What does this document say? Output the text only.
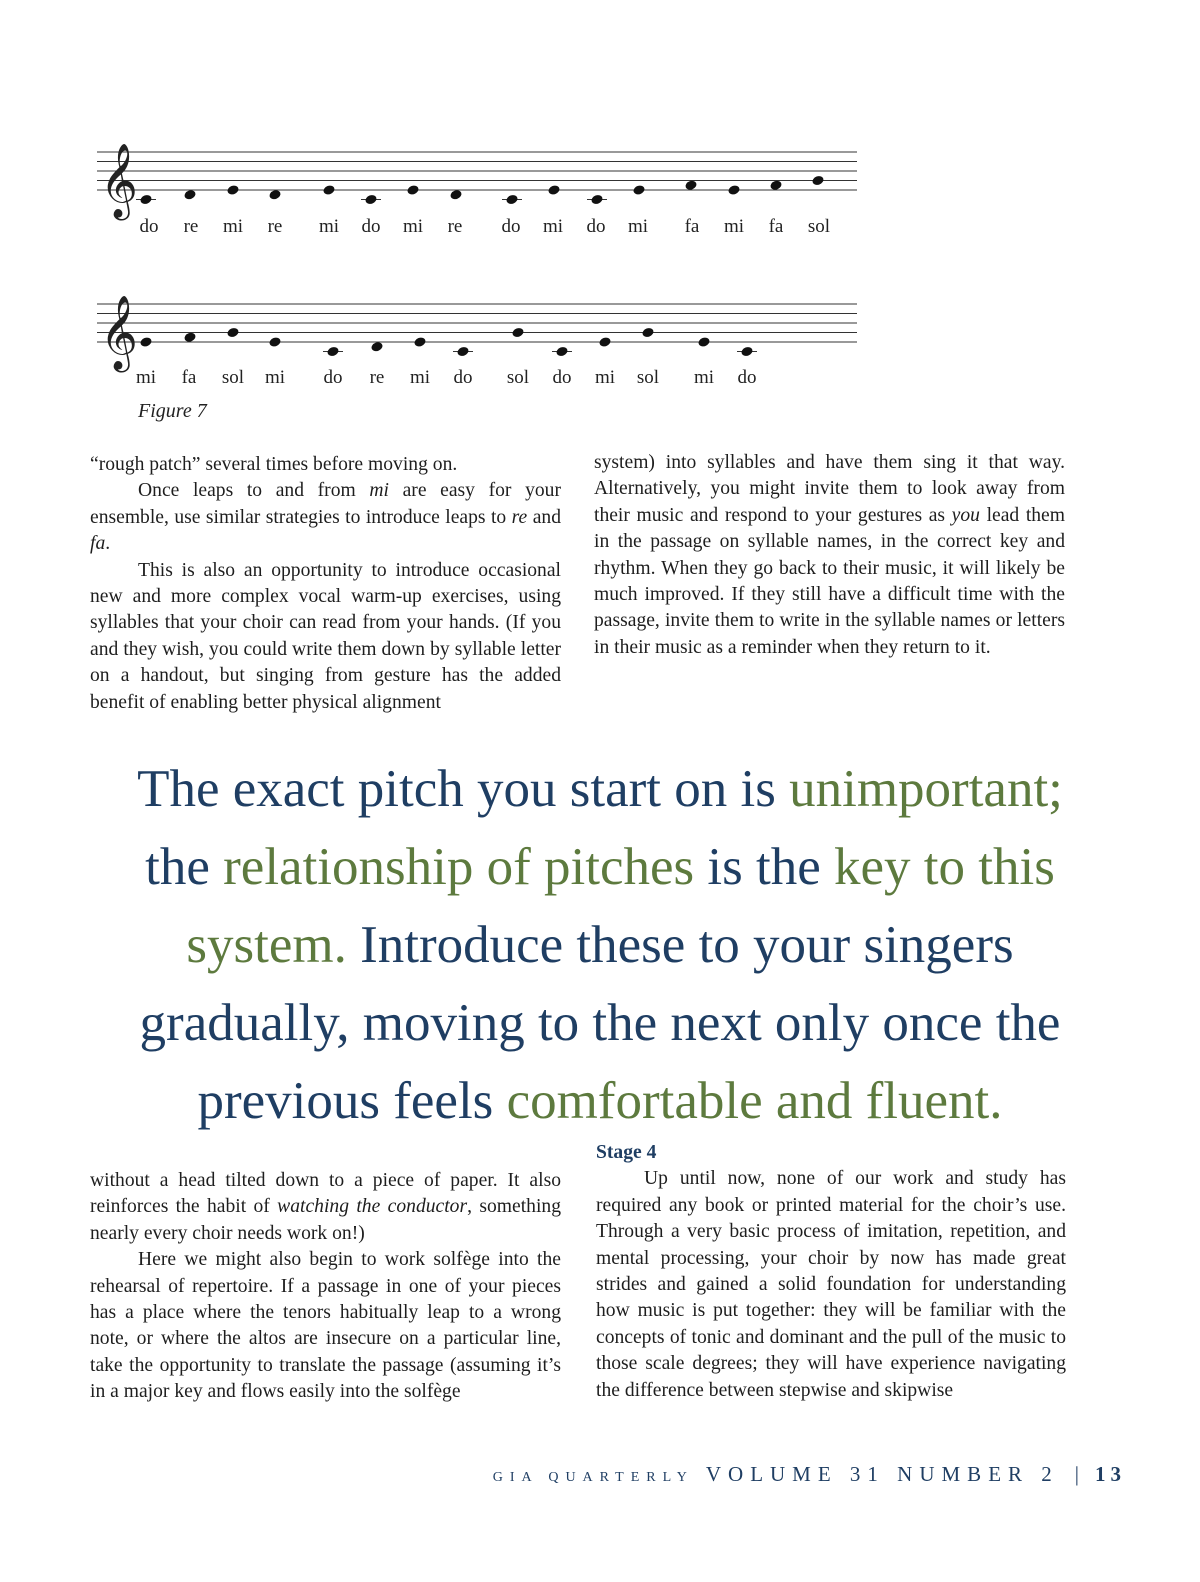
𝄞
do re mi re mi do mi re do mi do mi fa mi fa sol
𝄞
mi fa sol mi do re mi do sol do mi sol mi do
Figure 7

“rough patch” several times before moving on.

Once leaps to and from mi are easy for your ensemble, use similar strategies to introduce leaps to re and fa.

This is also an opportunity to introduce occasional new and more complex vocal warm-up exercises, using syllables that your choir can read from your hands. (If you and they wish, you could write them down by syllable letter on a handout, but singing from gesture has the added benefit of enabling better physical alignment

system) into syllables and have them sing it that way. Alternatively, you might invite them to look away from their music and respond to your gestures as you lead them in the passage on syllable names, in the correct key and rhythm. When they go back to their music, it will likely be much improved. If they still have a difficult time with the passage, invite them to write in the syllable names or letters in their music as a reminder when they return to it.

The exact pitch you start on is unimportant;
the relationship of pitches is the key to this system. Introduce these to your singers gradually, moving to the next only once the previous feels comfortable and fluent.

without a head tilted down to a piece of paper. It also reinforces the habit of watching the conductor, something nearly every choir needs work on!)

Here we might also begin to work solfège into the rehearsal of repertoire. If a passage in one of your pieces has a place where the tenors habitually leap to a wrong note, or where the altos are insecure on a particular line, take the opportunity to translate the passage (assuming it’s in a major key and flows easily into the solfège

Stage 4

Up until now, none of our work and study has required any book or printed material for the choir’s use. Through a very basic process of imitation, repetition, and mental processing, your choir by now has made great strides and gained a solid foundation for understanding how music is put together: they will be familiar with the concepts of tonic and dominant and the pull of the music to those scale degrees; they will have experience navigating the difference between stepwise and skipwise

GIA QUARTERLY VOLUME 31 NUMBER 2 | 13
